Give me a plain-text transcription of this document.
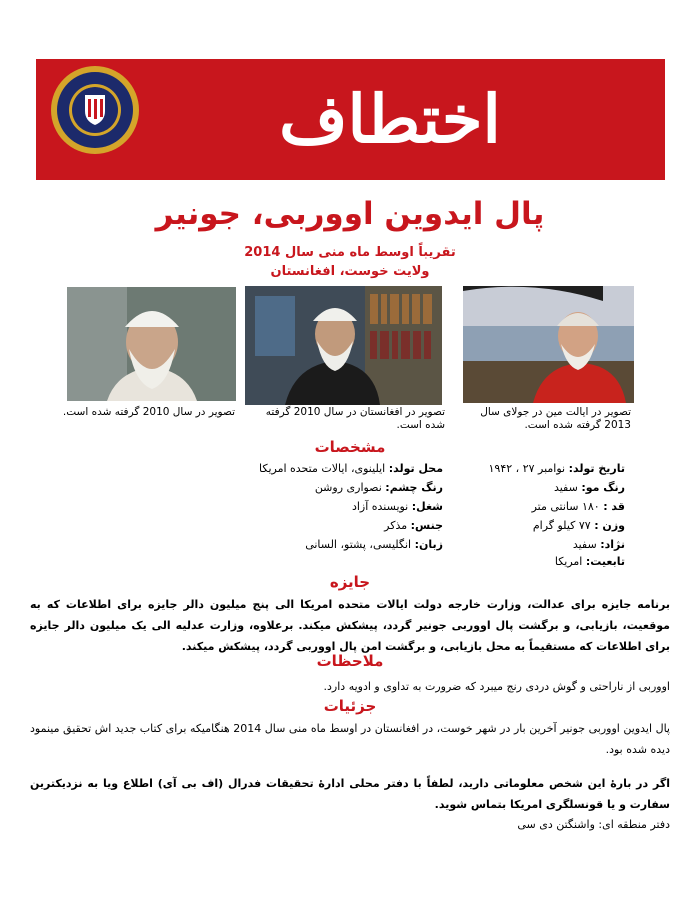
اختطاف
پال ایدوین اووربی، جونیر
تقریباً اوسط ماه منی سال 2014
ولایت خوست، افغانستان
تصویر در سال 2010 گرفته شده است.	تصویر در افغانستان در سال 2010 گرفته شده است.
تصویر در ایالت مین در جولای سال 2013 گرفته شده است.
مشخصات
تاریخ تولد: نوامبر ۲۷ ، ۱۹۴۲
رنگ مو: سفید
قد : ۱۸۰ سانتی متر
وزن : ۷۷ کیلو گرام
نژاد: سفید
تابعیت: امریکا
محل تولد: ایلینوی، ایالات متحده امریکا
رنگ چشم: نصواری روشن
شغل: نویسنده آزاد
جنس: مذکر
زبان: انگلیسی، پشتو، السانی
جایزه
برنامه جایزه برای عدالت، وزارت خارجه دولت ایالات متحده امریکا الی پنج میلیون دالر جایزه برای اطلاعات که به موقعیت، بازیابی، و برگشت پال اووربی جونیر گردد، پیشکش میکند. برعلاوه، وزارت عدلیه الی یک میلیون دالر جایزه برای اطلاعات که مستقیماً به محل بازیابی، و برگشت امن پال اووربی گردد، پیشکش میکند.
ملاحظات
اووربی از ناراحتی و گوش دردی رنج میبرد که ضرورت به تداوی و ادویه دارد.
جزئیات
پال ایدوین اووربی جونیر آخرین بار در شهر خوست، در افغانستان در اوسط ماه منی سال 2014 هنگامیکه برای کتاب جدید اش تحقیق مینمود دیده شده بود.
اگر در بارهٔ این شخص معلوماتی دارید، لطفاً با دفتر محلی ادارهٔ تحقیقات فدرال (اف بی آی) اطلاع ویا به نزدیکترین سفارت و یا قونسلگری امریکا بتماس شوید.
دفتر منطقه ای: واشنگتن دی سی
